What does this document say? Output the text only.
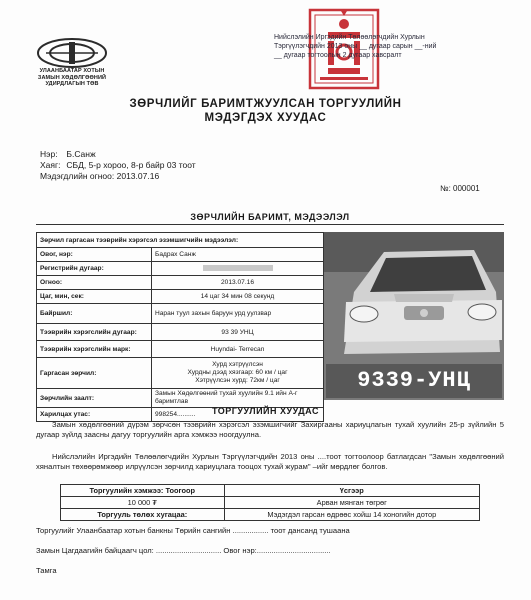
УЛААНБААТАР ХОТЫН
ЗАМЫН ХӨДӨЛГӨӨНИЙ
УДИРДЛАГЫН ТӨВ
Нийслэлийн Иргэдийн Төлөөлөгчдийн Хурлын
Тэргүүлэгчдийн 2013 оны __ дугаар сарын __-ний
__ дугаар тогтоолын 2 дугаар хавсралт
ЗӨРЧЛИЙГ БАРИМТЖУУЛСАН ТОРГУУЛИЙН
МЭДЭГДЭХ ХУУДАС
Нэр: Б.Санж
Хаяг: СБД, 5-р хороо, 8-р байр 03 тоот
Мэдэгдлийн огноо: 2013.07.16
№: 000001
ЗӨРЧЛИЙН БАРИМТ, МЭДЭЭЛЭЛ
Зөрчил гаргасан тээврийн хэрэгсэл эзэмшигчийн мэдээлэл:	
Овог, нэр:	Бадрах Санж
Регистрийн дугаар:	
Огноо:	2013.07.16
Цаг, мин, сек:	14 цаг 34 мин 08 секунд
Байршил:	Наран туул захын баруун урд уулзвар
Тээврийн хэрэгслийн дугаар:	93 39 УНЦ
Тээврийн хэрэгслийн марк:	Huyndai- Terrecan
Гаргасан зөрчил:	Хурд хэтрүүлсэн
Хурдны дээд хязгаар: 60 км / цаг
Хэтрүүлсэн хурд: 72км / цаг
Зөрчлийн заалт:	Замын Хөдөлгөөний тухай хуулийн 9.1 ийн А-г баримтлав
Харилцах утас:	998254..........
9339-УНЦ
ТОРГУУЛИЙН ХУУДАС
Замын хөдөлгөөний дүрэм зөрчсөн тээврийн хэрэгсэл эзэмшигчийг Захиргааны хариуцлагын тухай хуулийн 25-р зүйлийн 5 дугаар зүйлд заасны дагуу торгуулийн арга хэмжээ ноогдуулна.
Нийслэлийн Иргэдийн Төлөөлөгчдийн Хурлын Тэргүүлэгчдийн 2013 оны ....тоот тогтоолоор батлагдсан "Замын хөдөлгөөний хяналтын төхөөрөмжөөр илрүүлсэн зөрчилд хариуцлага тооцох тухай журам" –ийг мөрдлөг болгов.
Торгуулийн хэмжээ: Тоогоор	Үсгээр
10 000 ₮	Арван мянган төгрөг
Торгууль төлөх хугацаа:	Мэдэгдэл гарсан өдрөөс хойш 14 хоногийн дотор
Торгуулийг Улаанбаатар хотын банкны Төрийн сангийн ................. тоот дансанд тушаана
Замын Цагдаагийн байцаагч цол: ............................... Овог нэр:...................................
Тамга
